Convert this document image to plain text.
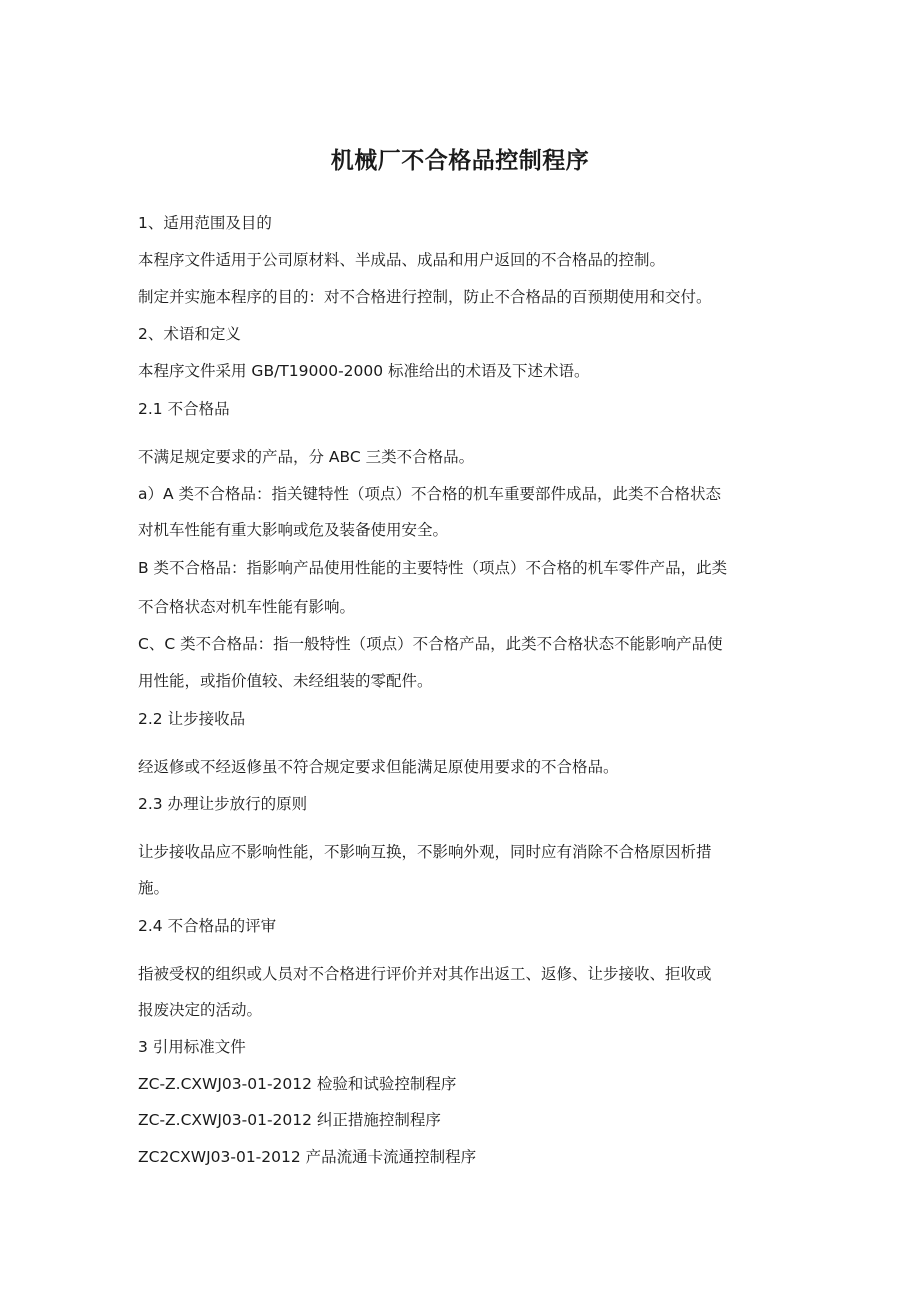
机械厂不合格品控制程序
1、适用范围及目的
本程序文件适用于公司原材料、半成品、成品和用户返回的不合格品的控制。
制定并实施本程序的目的：对不合格进行控制，防止不合格品的百预期使用和交付。
2、术语和定义
本程序文件采用 GB/T19000-2000 标准给出的术语及下述术语。
2.1 不合格品
不满足规定要求的产品，分 ABC 三类不合格品。
a）A 类不合格品：指关键特性（项点）不合格的机车重要部件成品，此类不合格状态
对机车性能有重大影响或危及装备使用安全。
B 类不合格品：指影响产品使用性能的主要特性（项点）不合格的机车零件产品，此类
不合格状态对机车性能有影响。
C、C 类不合格品：指一般特性（项点）不合格产品，此类不合格状态不能影响产品使
用性能，或指价值较、未经组装的零配件。
2.2 让步接收品
经返修或不经返修虽不符合规定要求但能满足原使用要求的不合格品。
2.3 办理让步放行的原则
让步接收品应不影响性能，不影响互换，不影响外观，同时应有消除不合格原因析措
施。
2.4 不合格品的评审
指被受权的组织或人员对不合格进行评价并对其作出返工、返修、让步接收、拒收或
报废决定的活动。
3 引用标准文件
ZC-Z.CXWJ03-01-2012 检验和试验控制程序
ZC-Z.CXWJ03-01-2012 纠正措施控制程序
ZC2CXWJ03-01-2012 产品流通卡流通控制程序
